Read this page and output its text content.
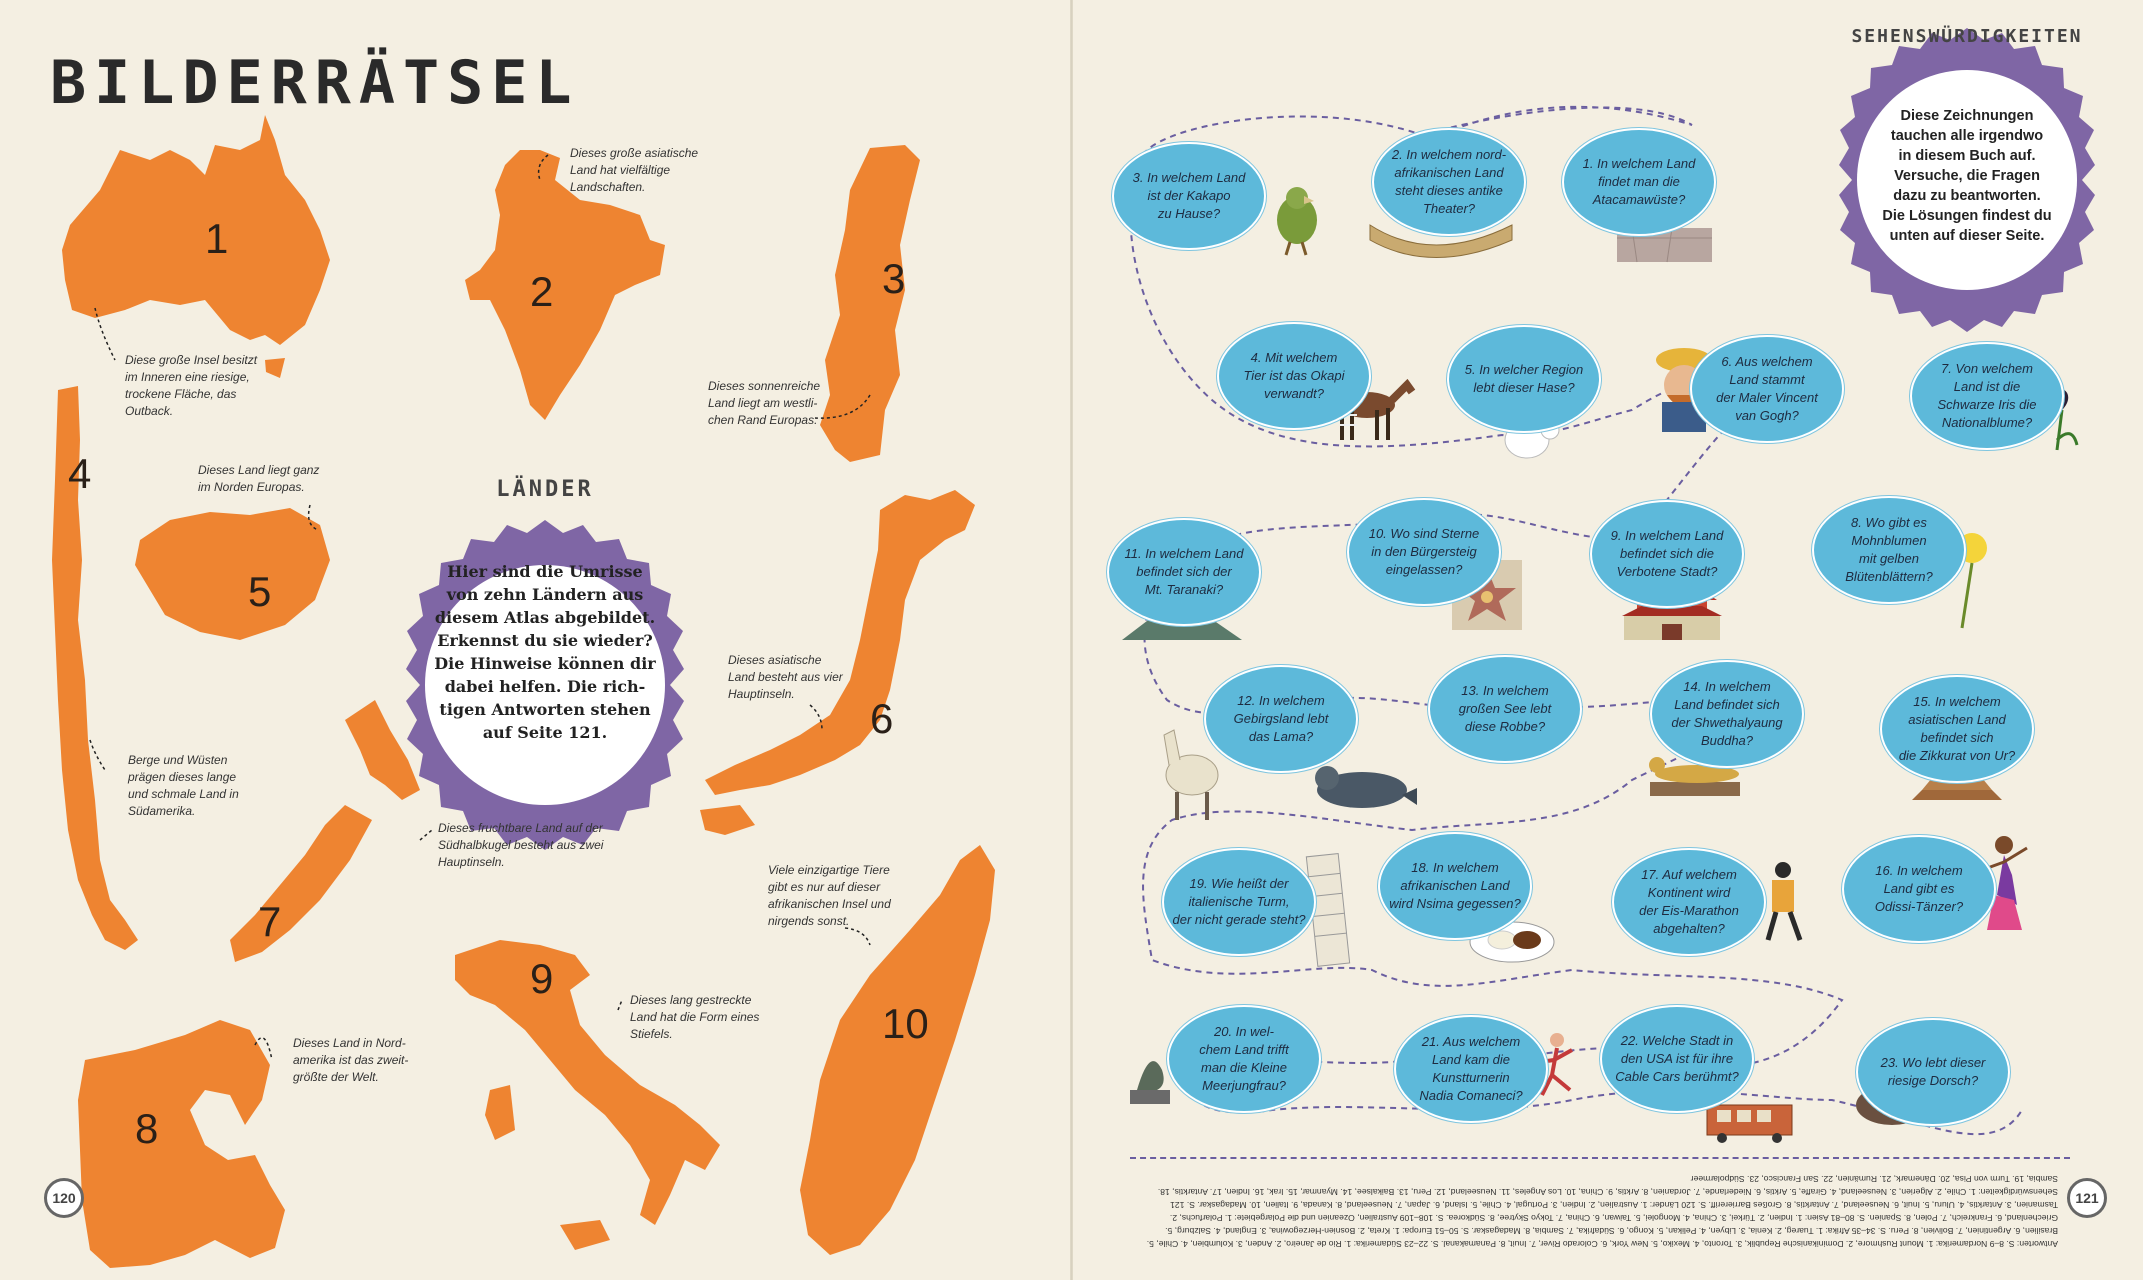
BILDERRÄTSEL
LÄNDER
Hier sind die Umrisse
von zehn Ländern aus
diesem Atlas abgebildet.
Erkennst du sie wieder?
Die Hinweise können dir
dabei helfen. Die rich-
tigen Antworten stehen
auf Seite 121.
1
2	3
4
5
6
7
8
9
10
Diese große Insel besitzt
im Inneren eine riesige,
trockene Fläche, das
Outback.
Dieses große asiatische
Land hat vielfältige
Landschaften.
Dieses sonnenreiche
Land liegt am westli-
chen Rand Europas.
Berge und Wüsten
prägen dieses lange
und schmale Land in
Südamerika.
Dieses Land liegt ganz
im Norden Europas.
Dieses asiatische
Land besteht aus vier
Hauptinseln.
Dieses fruchtbare Land auf der
Südhalbkugel besteht aus zwei
Hauptinseln.
Dieses Land in Nord-
amerika ist das zweit-
größte der Welt.
Dieses lang gestreckte
Land hat die Form eines
Stiefels.
Viele einzigartige Tiere
gibt es nur auf dieser
afrikanischen Insel und
nirgends sonst.
120
SEHENSWÜRDIGKEITEN
Diese Zeichnungen
tauchen alle irgendwo
in diesem Buch auf.
Versuche, die Fragen
dazu zu beantworten.
Die Lösungen findest du
unten auf dieser Seite.
1. In welchem Land
findet man die
Atacamawüste?
2. In welchem nord-
afrikanischen Land
steht dieses antike
Theater?
3. In welchem Land
ist der Kakapo
zu Hause?
4. Mit welchem
Tier ist das Okapi
verwandt?
5. In welcher Region
lebt dieser Hase?
6. Aus welchem
Land stammt
der Maler Vincent
van Gogh?
7. Von welchem
Land ist die
Schwarze Iris die
Nationalblume?
8. Wo gibt es
Mohnblumen
mit gelben
Blütenblättern?
9. In welchem Land
befindet sich die
Verbotene Stadt?
10. Wo sind Sterne
in den Bürgersteig
eingelassen?
11. In welchem Land
befindet sich der
Mt. Taranaki?
12. In welchem
Gebirgsland lebt
das Lama?
13. In welchem
großen See lebt
diese Robbe?
14. In welchem
Land befindet sich
der Shwethalyaung
Buddha?
15. In welchem
asiatischen Land
befindet sich
die Zikkurat von Ur?
16. In welchem
Land gibt es
Odissi-Tänzer?
17. Auf welchem
Kontinent wird
der Eis-Marathon
abgehalten?
18. In welchem
afrikanischen Land
wird Nsima gegessen?
19. Wie heißt der
italienische Turm,
der nicht gerade steht?
20. In wel-
chem Land trifft
man die Kleine
Meerjungfrau?
21. Aus welchem
Land kam die
Kunstturnerin
Nadia Comaneci?
22. Welche Stadt in
den USA ist für ihre
Cable Cars berühmt?
23. Wo lebt dieser
riesige Dorsch?
Antworten: S. 8–9 Nordamerika: 1. Mount Rushmore, 2. Dominikanische Republik, 3. Toronto, 4. Mexiko, 5. New York, 6. Colorado River, 7. Inuit, 8. Panamakanal. S. 22–23 Südamerika: 1. Rio de Janeiro, 2. Anden, 3. Kolumbien, 4. Chile, 5. Brasilien, 6. Argentinien, 7. Bolivien, 8. Peru. S. 34–35 Afrika: 1. Tuareg, 2. Kenia, 3. Libyen, 4. Pelikan, 5. Kongo, 6. Südafrika, 7. Sambia, 8. Madagaskar. S. 50–51 Europa: 1. Kreta, 2. Bosnien-Herzegowina, 3. England, 4. Salzburg, 5. Griechenland, 6. Frankreich, 7. Polen, 8. Spanien. S. 80–81 Asien: 1. Indien, 2. Türkei, 3. China, 4. Mongolei, 5. Taiwan, 6. China, 7. Tokyo Skytree, 8. Südkorea. S. 108–109 Australien, Ozeanien und die Polargebiete: 1. Polarfuchs, 2. Tasmanien, 3. Antarktis, 4. Uluru, 5. Inuit, 6. Neuseeland, 7. Antarktis, 8. Großes Barriereriff. S. 120 Länder: 1. Australien, 2. Indien, 3. Portugal, 4. Chile, 5. Island, 6. Japan, 7. Neuseeland, 8. Kanada, 9. Italien, 10. Madagaskar. S. 121 Sehenswürdigkeiten: 1. Chile, 2. Algerien, 3. Neuseeland, 4. Giraffe, 5. Arktis, 6. Niederlande, 7. Jordanien, 8. Arktis, 9. China, 10. Los Angeles, 11. Neuseeland, 12. Peru, 13. Baikalsee, 14. Myanmar, 15. Irak, 16. Indien, 17. Antarktis, 18. Sambia, 19. Turm von Pisa, 20. Dänemark, 21. Rumänien, 22. San Francisco, 23. Südpolarmeer
121
